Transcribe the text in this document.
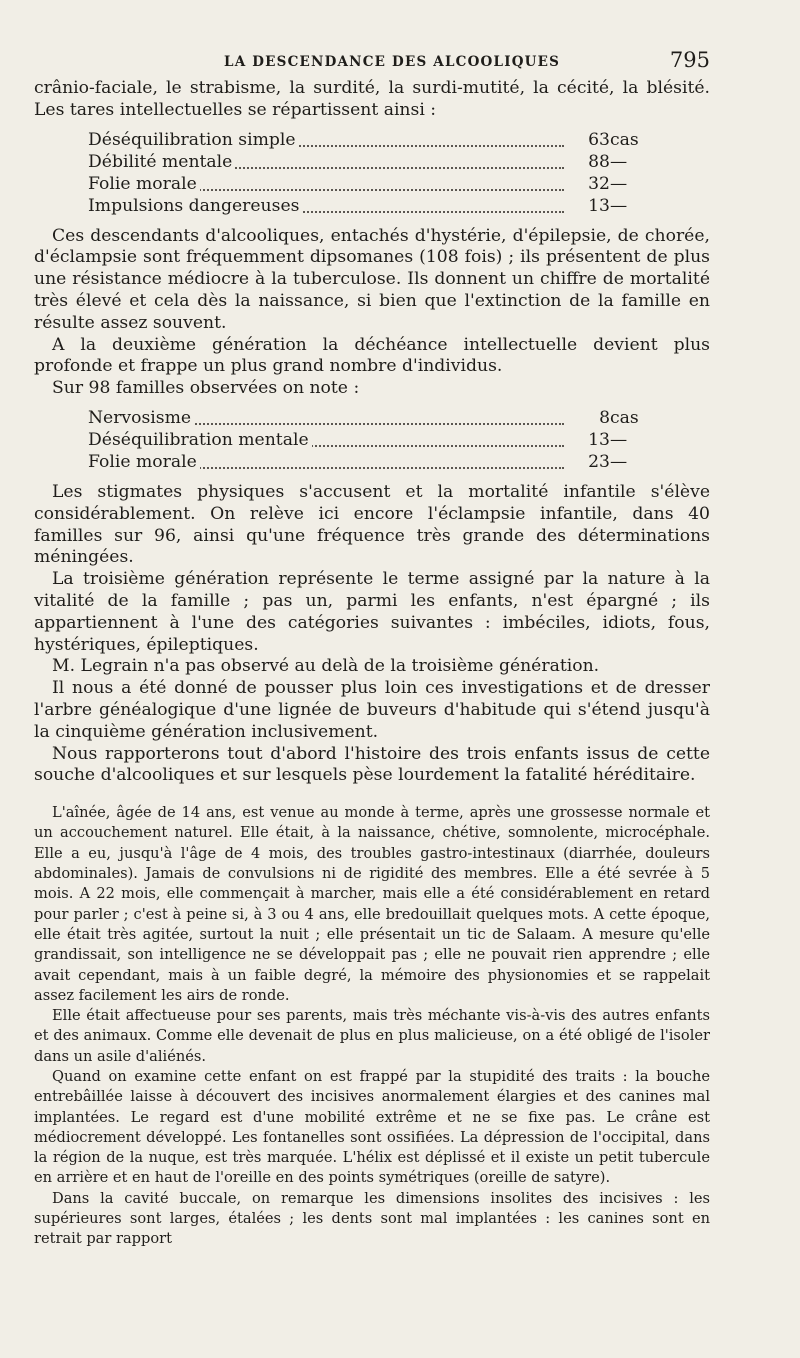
LA DESCENDANCE DES ALCOOLIQUES	795

crânio-faciale, le strabisme, la surdité, la surdi-mutité, la cécité, la blésité. Les tares intellectuelles se répartissent ainsi :

Déséquilibration simple	63	cas

Débilité mentale	88	—

Folie morale	32	—

Impulsions dangereuses	13	—

Ces descendants d'alcooliques, entachés d'hystérie, d'épilepsie, de chorée, d'éclampsie sont fréquemment dipsomanes (108 fois) ; ils présentent de plus une résistance médiocre à la tuberculose. Ils donnent un chiffre de mortalité très élevé et cela dès la naissance, si bien que l'extinction de la famille en résulte assez souvent.

A la deuxième génération la déchéance intellectuelle devient plus profonde et frappe un plus grand nombre d'individus.

Sur 98 familles observées on note :

Nervosisme	8	cas

Déséquilibration mentale	13	—

Folie morale	23	—

Les stigmates physiques s'accusent et la mortalité infantile s'élève considérablement. On relève ici encore l'éclampsie infantile, dans 40 familles sur 96, ainsi qu'une fréquence très grande des déterminations méningées.

La troisième génération représente le terme assigné par la nature à la vitalité de la famille ; pas un, parmi les enfants, n'est épargné ; ils appartiennent à l'une des catégories suivantes : imbéciles, idiots, fous, hystériques, épileptiques.

M. Legrain n'a pas observé au delà de la troisième génération.

Il nous a été donné de pousser plus loin ces investigations et de dresser l'arbre généalogique d'une lignée de buveurs d'habitude qui s'étend jusqu'à la cinquième génération inclusivement.

Nous rapporterons tout d'abord l'histoire des trois enfants issus de cette souche d'alcooliques et sur lesquels pèse lourdement la fatalité héréditaire.

L'aînée, âgée de 14 ans, est venue au monde à terme, après une grossesse normale et un accouchement naturel. Elle était, à la naissance, chétive, somnolente, microcéphale. Elle a eu, jusqu'à l'âge de 4 mois, des troubles gastro-intestinaux (diarrhée, douleurs abdominales). Jamais de convulsions ni de rigidité des membres. Elle a été sevrée à 5 mois. A 22 mois, elle commençait à marcher, mais elle a été considérablement en retard pour parler ; c'est à peine si, à 3 ou 4 ans, elle bredouillait quelques mots. A cette époque, elle était très agitée, surtout la nuit ; elle présentait un tic de Salaam. A mesure qu'elle grandissait, son intelligence ne se développait pas ; elle ne pouvait rien apprendre ; elle avait cependant, mais à un faible degré, la mémoire des physionomies et se rappelait assez facilement les airs de ronde.

Elle était affectueuse pour ses parents, mais très méchante vis-à-vis des autres enfants et des animaux. Comme elle devenait de plus en plus malicieuse, on a été obligé de l'isoler dans un asile d'aliénés.

Quand on examine cette enfant on est frappé par la stupidité des traits : la bouche entrebâillée laisse à découvert des incisives anormalement élargies et des canines mal implantées. Le regard est d'une mobilité extrême et ne se fixe pas. Le crâne est médiocrement développé. Les fontanelles sont ossifiées. La dépression de l'occipital, dans la région de la nuque, est très marquée. L'hélix est déplissé et il existe un petit tubercule en arrière et en haut de l'oreille en des points symétriques (oreille de satyre).

Dans la cavité buccale, on remarque les dimensions insolites des incisives : les supérieures sont larges, étalées ; les dents sont mal implantées : les canines sont en retrait par rapport
